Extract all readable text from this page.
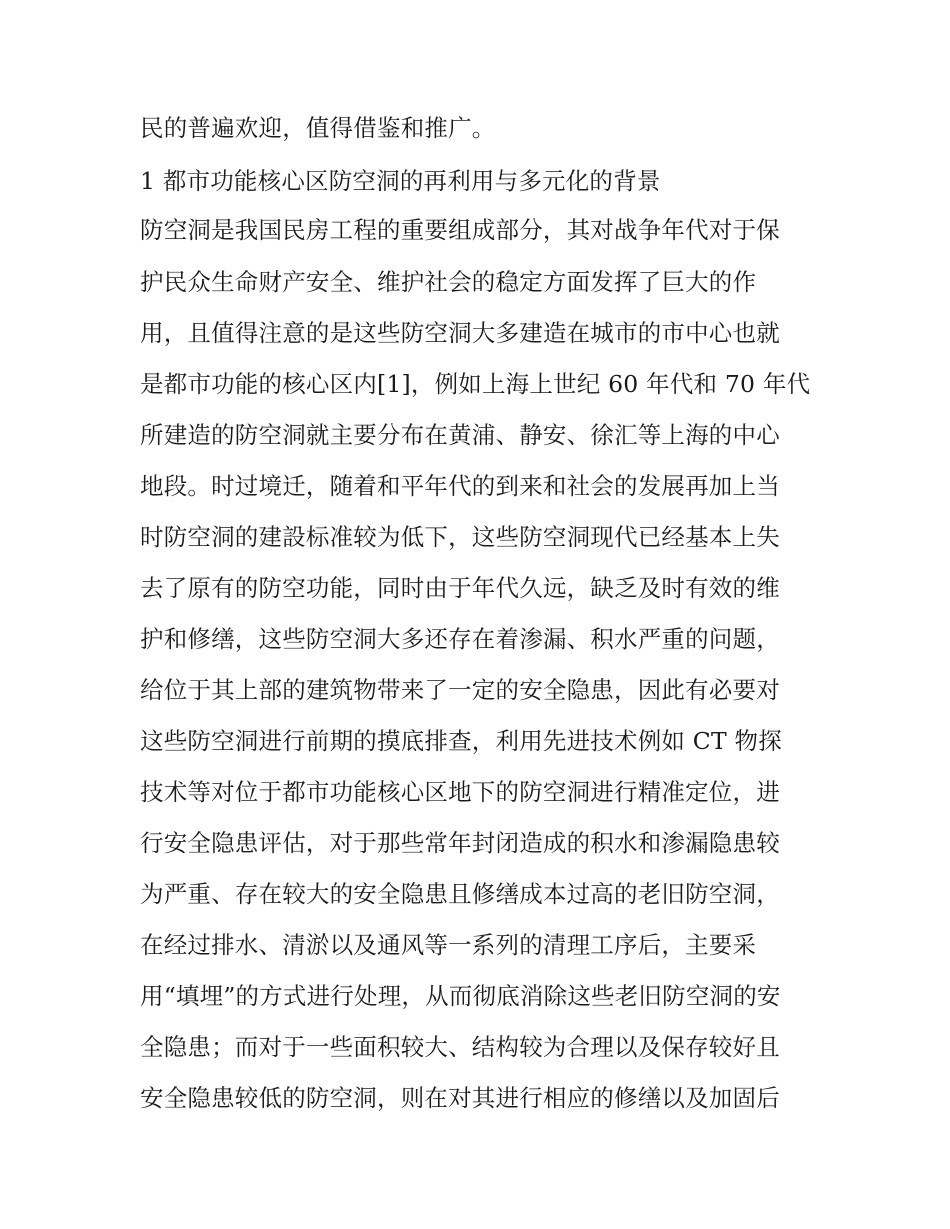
民的普遍欢迎，值得借鉴和推广。
1 都市功能核心区防空洞的再利用与多元化的背景
防空洞是我国民房工程的重要组成部分，其对战争年代对于保
护民众生命财产安全、维护社会的稳定方面发挥了巨大的作
用，且值得注意的是这些防空洞大多建造在城市的市中心也就
是都市功能的核心区内[1]，例如上海上世纪 60 年代和 70 年代
所建造的防空洞就主要分布在黄浦、静安、徐汇等上海的中心
地段。时过境迁，随着和平年代的到来和社会的发展再加上当
时防空洞的建設标准较为低下，这些防空洞现代已经基本上失
去了原有的防空功能，同时由于年代久远，缺乏及时有效的维
护和修缮，这些防空洞大多还存在着渗漏、积水严重的问题，
给位于其上部的建筑物带来了一定的安全隐患，因此有必要对
这些防空洞进行前期的摸底排查，利用先进技术例如 CT 物探
技术等对位于都市功能核心区地下的防空洞进行精准定位，进
行安全隐患评估，对于那些常年封闭造成的积水和渗漏隐患较
为严重、存在较大的安全隐患且修缮成本过高的老旧防空洞，
在经过排水、清淤以及通风等一系列的清理工序后，主要采
用“填埋”的方式进行处理，从而彻底消除这些老旧防空洞的安
全隐患；而对于一些面积较大、结构较为合理以及保存较好且
安全隐患较低的防空洞，则在对其进行相应的修缮以及加固后
